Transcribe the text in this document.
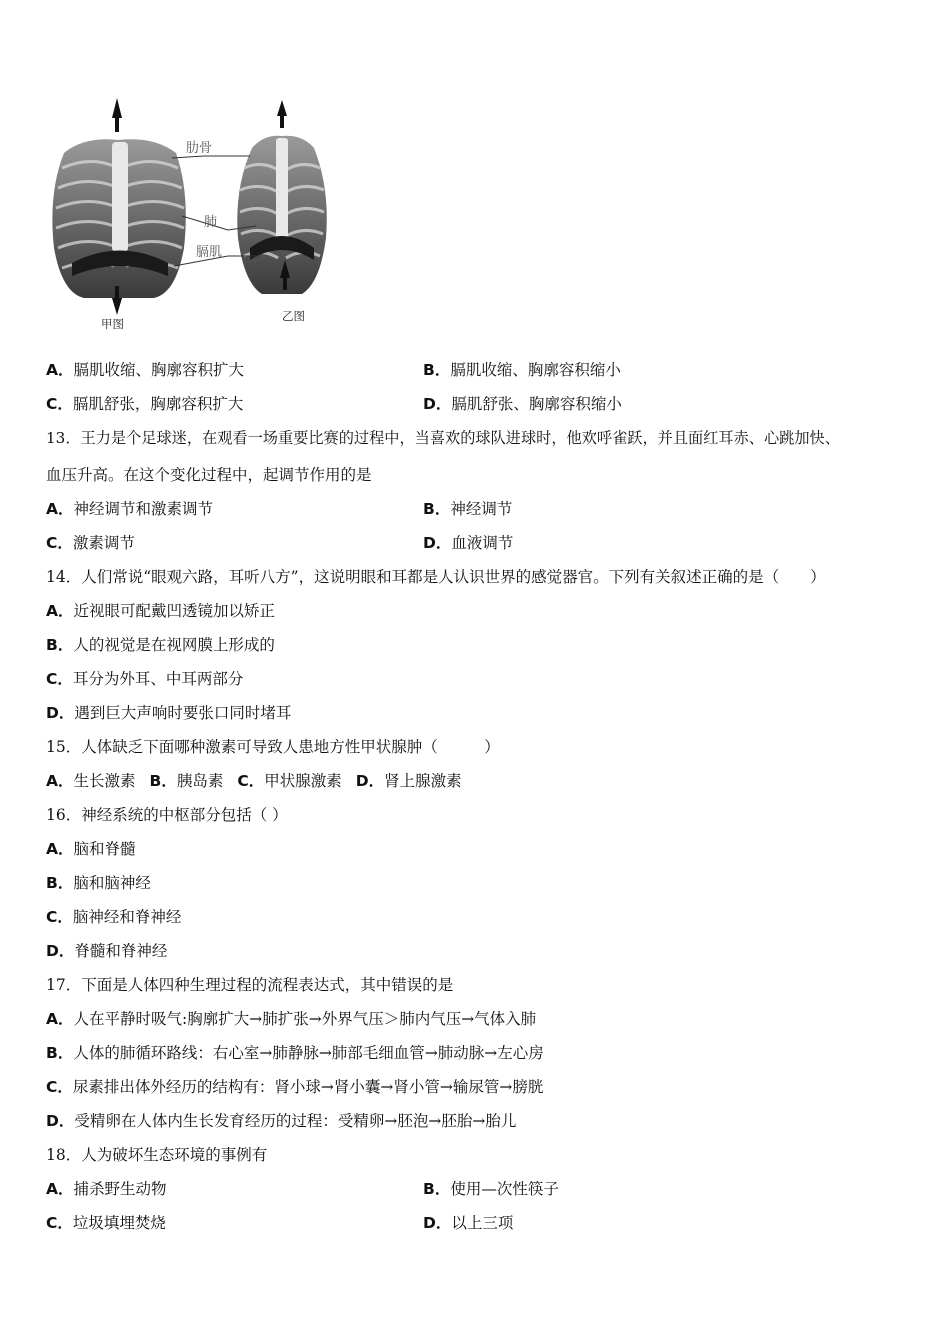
肋骨
肺
膈肌
甲图
乙图
A．膈肌收缩、胸廓容积扩大	B．膈肌收缩、胸廓容积缩小
C．膈肌舒张，胸廓容积扩大	D．膈肌舒张、胸廓容积缩小
13．王力是个足球迷，在观看一场重要比赛的过程中，当喜欢的球队进球时，他欢呼雀跃，并且面红耳赤、心跳加快、
血压升高。在这个变化过程中，起调节作用的是
A．神经调节和激素调节	B．神经调节
C．激素调节	D．血液调节
14．人们常说“眼观六路，耳听八方”，这说明眼和耳都是人认识世界的感觉器官。下列有关叙述正确的是（　　）
A．近视眼可配戴凹透镜加以矫正
B．人的视觉是在视网膜上形成的
C．耳分为外耳、中耳两部分
D．遇到巨大声响时要张口同时堵耳
15．人体缺乏下面哪种激素可导致人患地方性甲状腺肿（　　　）
A．生长激素 B．胰岛素 C．甲状腺激素 D．肾上腺激素
16．神经系统的中枢部分包括（ ）
A．脑和脊髓
B．脑和脑神经
C．脑神经和脊神经
D．脊髓和脊神经
17．下面是人体四种生理过程的流程表达式，其中错误的是
A．人在平静时吸气:胸廓扩大→肺扩张→外界气压＞肺内气压→气体入肺
B．人体的肺循环路线：右心室→肺静脉→肺部毛细血管→肺动脉→左心房
C．尿素排出体外经历的结构有：肾小球→肾小囊→肾小管→输尿管→膀胱
D．受精卵在人体内生长发育经历的过程：受精卵→胚泡→胚胎→胎儿
18．人为破坏生态环境的事例有
A．捕杀野生动物	B．使用—次性筷子
C．垃圾填埋焚烧	D．以上三项
